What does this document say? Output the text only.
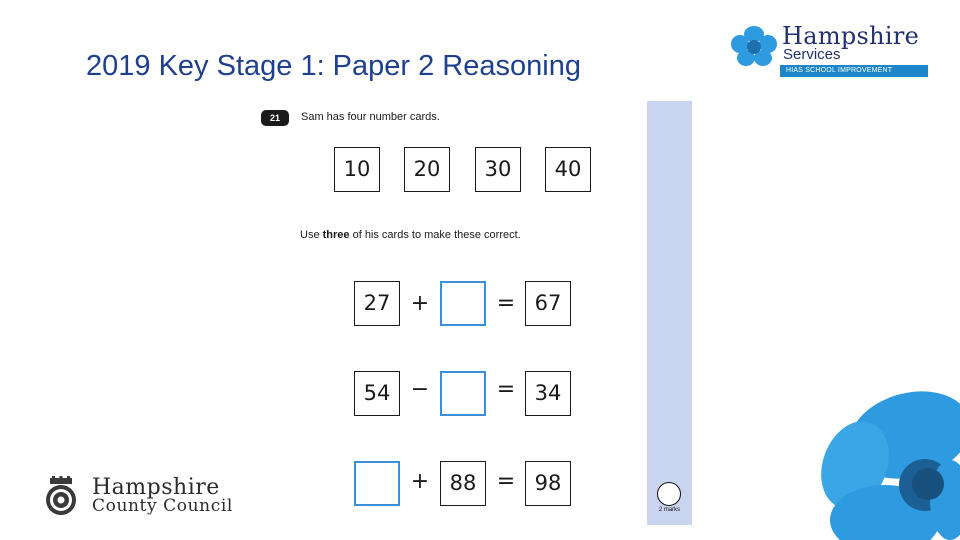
2019 Key Stage 1: Paper 2 Reasoning
Hampshire
Services
HIAS SCHOOL IMPROVEMENT
21	Sam has four number cards.
10	20	30	40
Use three of his cards to make these correct.
27 +	= 67
54 −	= 34
+ 88 = 98
2 marks
Hampshire
County Council
